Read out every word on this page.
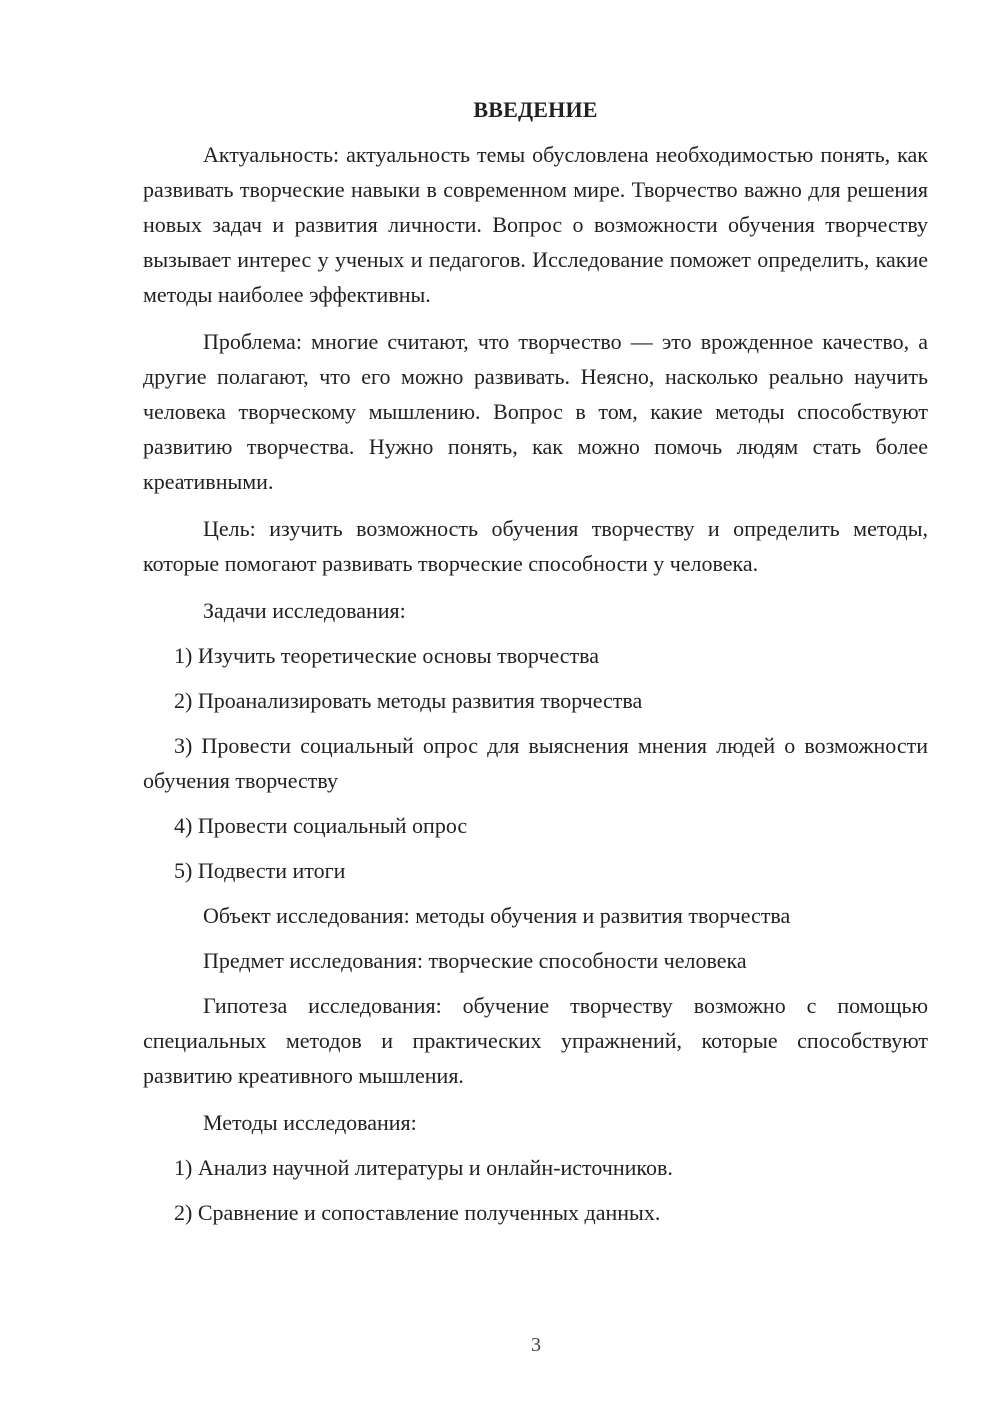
ВВЕДЕНИЕ

Актуальность: актуальность темы обусловлена необходимостью понять, как развивать творческие навыки в современном мире. Творчество важно для решения новых задач и развития личности. Вопрос о возможности обучения творчеству вызывает интерес у ученых и педагогов. Исследование поможет определить, какие методы наиболее эффективны.

Проблема: многие считают, что творчество — это врожденное качество, а другие полагают, что его можно развивать. Неясно, насколько реально научить человека творческому мышлению. Вопрос в том, какие методы способствуют развитию творчества. Нужно понять, как можно помочь людям стать более креативными.

Цель: изучить возможность обучения творчеству и определить методы, которые помогают развивать творческие способности у человека.

Задачи исследования:

1) Изучить теоретические основы творчества

2) Проанализировать методы развития творчества

3) Провести социальный опрос для выяснения мнения людей о возможности обучения творчеству

4) Провести социальный опрос

5) Подвести итоги

Объект исследования: методы обучения и развития творчества

Предмет исследования: творческие способности человека

Гипотеза исследования: обучение творчеству возможно с помощью специальных методов и практических упражнений, которые способствуют развитию креативного мышления.

Методы исследования:

1) Анализ научной литературы и онлайн-источников.

2) Сравнение и сопоставление полученных данных.

3
